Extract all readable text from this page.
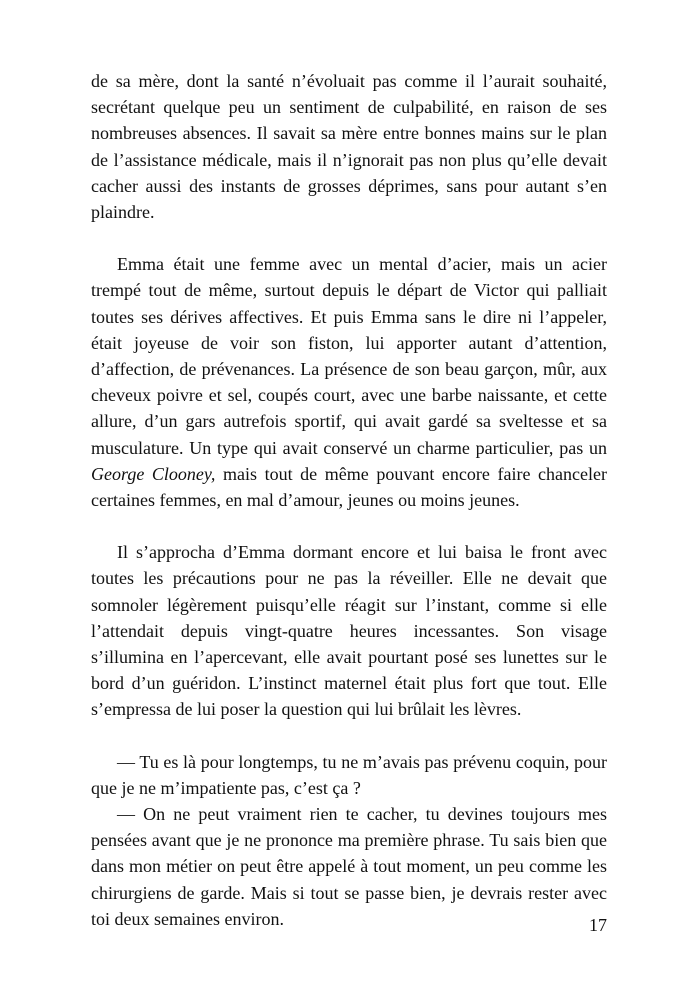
de sa mère, dont la santé n’évoluait pas comme il l’aurait souhaité, secrétant quelque peu un sentiment de culpabilité, en raison de ses nombreuses absences. Il savait sa mère entre bonnes mains sur le plan de l’assistance médicale, mais il n’ignorait pas non plus qu’elle devait cacher aussi des instants de grosses déprimes, sans pour autant s’en plaindre.

Emma était une femme avec un mental d’acier, mais un acier trempé tout de même, surtout depuis le départ de Victor qui palliait toutes ses dérives affectives. Et puis Emma sans le dire ni l’appeler, était joyeuse de voir son fiston, lui apporter autant d’attention, d’affection, de prévenances. La présence de son beau garçon, mûr, aux cheveux poivre et sel, coupés court, avec une barbe naissante, et cette allure, d’un gars autrefois sportif, qui avait gardé sa sveltesse et sa musculature. Un type qui avait conservé un charme particulier, pas un George Clooney, mais tout de même pouvant encore faire chanceler certaines femmes, en mal d’amour, jeunes ou moins jeunes.

Il s’approcha d’Emma dormant encore et lui baisa le front avec toutes les précautions pour ne pas la réveiller. Elle ne devait que somnoler légèrement puisqu’elle réagit sur l’instant, comme si elle l’attendait depuis vingt-quatre heures incessantes. Son visage s’illumina en l’apercevant, elle avait pourtant posé ses lunettes sur le bord d’un guéridon. L’instinct maternel était plus fort que tout. Elle s’empressa de lui poser la question qui lui brûlait les lèvres.

— Tu es là pour longtemps, tu ne m’avais pas prévenu coquin, pour que je ne m’impatiente pas, c’est ça ?

— On ne peut vraiment rien te cacher, tu devines toujours mes pensées avant que je ne prononce ma première phrase. Tu sais bien que dans mon métier on peut être appelé à tout moment, un peu comme les chirurgiens de garde. Mais si tout se passe bien, je devrais rester avec toi deux semaines environ.	17
